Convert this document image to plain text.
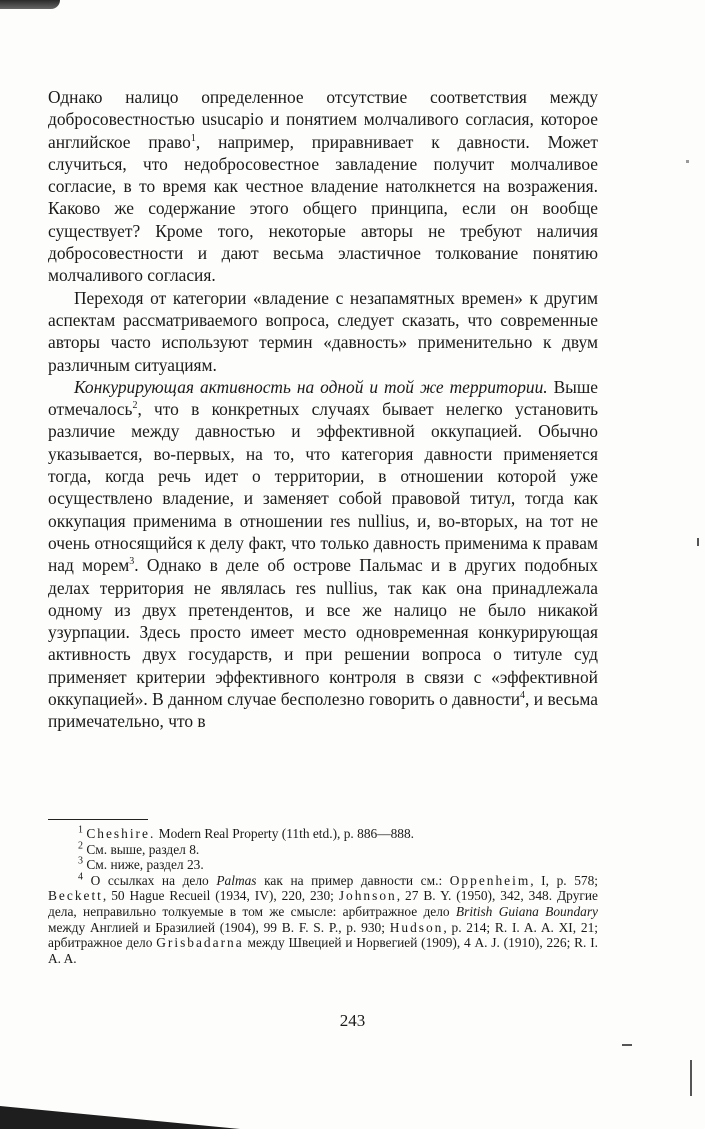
Однако налицо определенное отсутствие соответствия между добросовестностью usucapio и понятием молчаливого согласия, которое английское право$^1$, например, приравнивает к давности. Может случиться, что недобросовестное завладение получит молчаливое согласие, в то время как честное владение натолкнется на возражения. Каково же содержание этого общего принципа, если он вообще существует? Кроме того, некоторые авторы не требуют наличия добросовестности и дают весьма эластичное толкование понятию молчаливого согласия.

Переходя от категории «владение с незапамятных времен» к другим аспектам рассматриваемого вопроса, следует сказать, что современные авторы часто используют термин «давность» применительно к двум различным ситуациям.

Конкурирующая активность на одной и той же территории. Выше отмечалось$^2$, что в конкретных случаях бывает нелегко установить различие между давностью и эффективной оккупацией. Обычно указывается, во-первых, на то, что категория давности применяется тогда, когда речь идет о территории, в отношении которой уже осуществлено владение, и заменяет собой правовой титул, тогда как оккупация применима в отношении res nullius, и, во-вторых, на тот не очень относящийся к делу факт, что только давность применима к правам над морем$^3$. Однако в деле об острове Пальмас и в других подобных делах территория не являлась res nullius, так как она принадлежала одному из двух претендентов, и все же налицо не было никакой узурпации. Здесь просто имеет место одновременная конкурирующая активность двух государств, и при решении вопроса о титуле суд применяет критерии эффективного контроля в связи с «эффективной оккупацией». В данном случае бесполезно говорить о давности$^4$, и весьма примечательно, что в

$^1$ Cheshire. Modern Real Property (11th etd.), p. 886—888.

$^2$ См. выше, раздел 8.

$^3$ См. ниже, раздел 23.

$^4$ О ссылках на дело Palmas как на пример давности см.: Oppenheim, I, p. 578; Beckett, 50 Hague Recueil (1934, IV), 220, 230; Johnson, 27 B. Y. (1950), 342, 348. Другие дела, неправильно толкуемые в том же смысле: арбитражное дело British Guiana Boundary между Англией и Бразилией (1904), 99 B. F. S. P., p. 930; Hudson, p. 214; R. I. A. A. XI, 21; арбитражное дело Grisbadarna между Швецией и Норвегией (1909), 4 A. J. (1910), 226; R. I. A. A.

243
